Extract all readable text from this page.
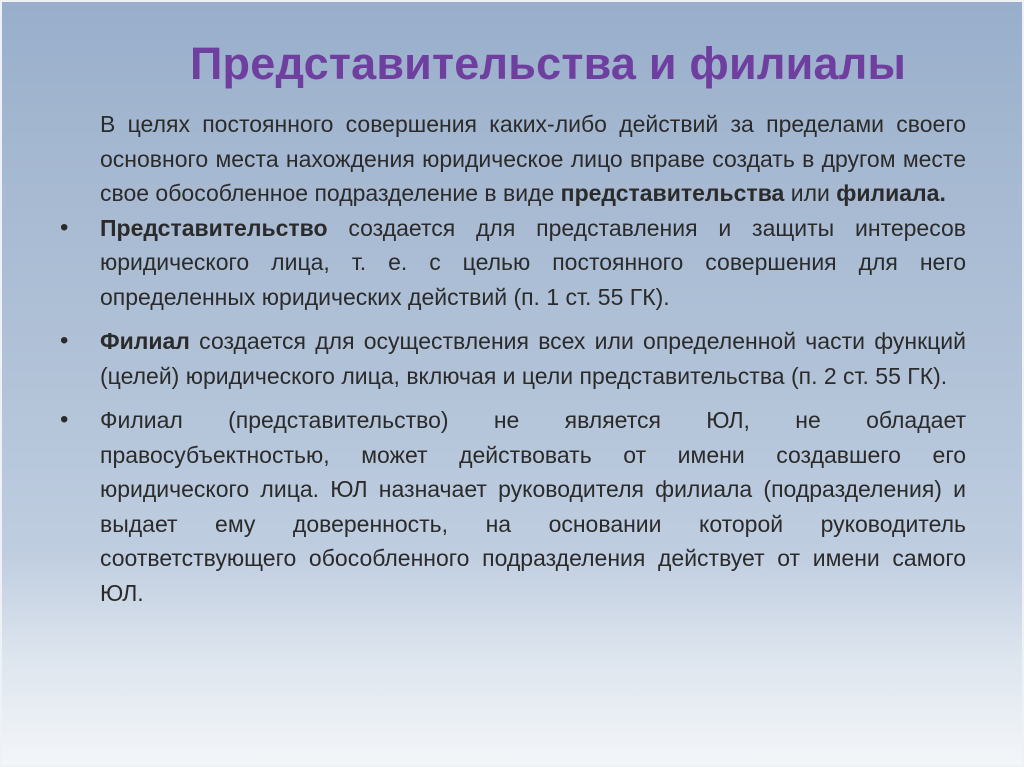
Представительства и филиалы

В целях постоянного совершения каких-либо действий за пределами своего основного места нахождения юридическое лицо вправе создать в другом месте свое обособленное подразделение в виде представительства или филиала.

• Представительство создается для представления и защиты интересов юридического лица, т. е. с целью постоянного совершения для него определенных юридических действий (п. 1 ст. 55 ГК).

• Филиал создается для осуществления всех или определенной части функций (целей) юридического лица, включая и цели представительства (п. 2 ст. 55 ГК).

• Филиал (представительство) не является ЮЛ, не обладает правосубъектностью, может действовать от имени создавшего его юридического лица. ЮЛ назначает руководителя филиала (подразделения) и выдает ему доверенность, на основании которой руководитель соответствующего обособленного подразделения действует от имени самого ЮЛ.
